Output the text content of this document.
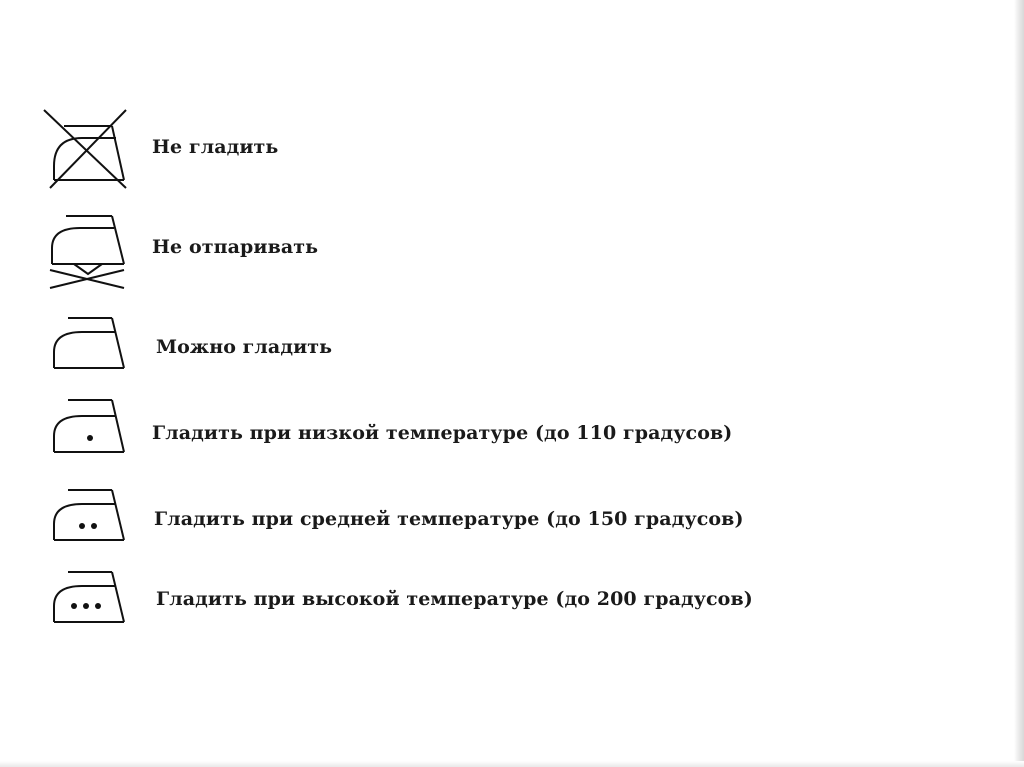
Не гладить
Не отпаривать
Можно гладить
Гладить при низкой температуре (до 110 градусов)
Гладить при средней температуре (до 150 градусов)
Гладить при высокой температуре (до 200 градусов)
